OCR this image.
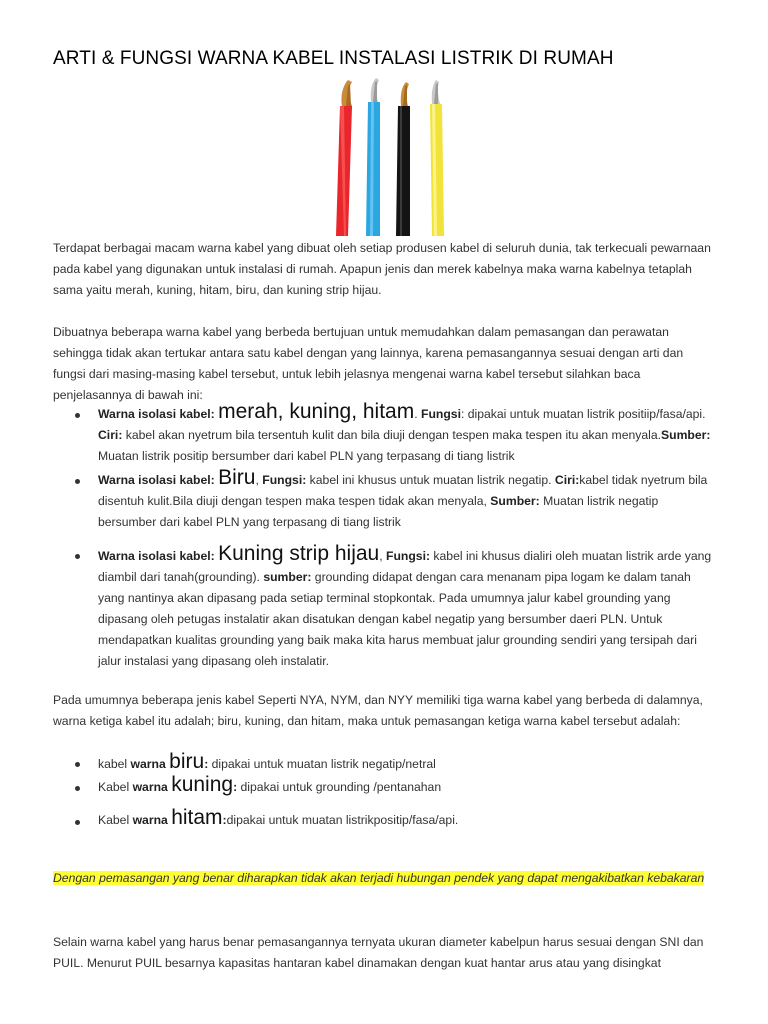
ARTI & FUNGSI WARNA KABEL INSTALASI LISTRIK DI RUMAH

Terdapat berbagai macam warna kabel yang dibuat oleh setiap produsen kabel di seluruh dunia, tak terkecuali pewarnaan pada kabel yang digunakan untuk instalasi di rumah. Apapun jenis dan merek kabelnya maka warna kabelnya tetaplah sama yaitu merah, kuning, hitam, biru, dan kuning strip hijau.

Dibuatnya beberapa warna kabel yang berbeda bertujuan untuk memudahkan dalam pemasangan dan perawatan sehingga tidak akan tertukar antara satu kabel dengan yang lainnya, karena pemasangannya sesuai dengan arti dan fungsi dari masing-masing kabel tersebut, untuk lebih jelasnya mengenai warna kabel tersebut silahkan baca penjelasannya di bawah ini:

Warna isolasi kabel: merah, kuning, hitam. Fungsi: dipakai untuk muatan listrik positiip/fasa/api. Ciri: kabel akan nyetrum bila tersentuh kulit dan bila diuji dengan tespen maka tespen itu akan menyala.Sumber: Muatan listrik positip bersumber dari kabel PLN yang terpasang di tiang listrik
Warna isolasi kabel: Biru, Fungsi: kabel ini khusus untuk muatan listrik negatip. Ciri:kabel tidak nyetrum bila disentuh kulit.Bila diuji dengan tespen maka tespen tidak akan menyala, Sumber: Muatan listrik negatip bersumber dari kabel PLN yang terpasang di tiang listrik
Warna isolasi kabel: Kuning strip hijau, Fungsi: kabel ini khusus dialiri oleh muatan listrik arde yang diambil dari tanah(grounding). sumber: grounding didapat dengan cara menanam pipa logam ke dalam tanah yang nantinya akan dipasang pada setiap terminal stopkontak. Pada umumnya jalur kabel grounding yang dipasang oleh petugas instalatir akan disatukan dengan kabel negatip yang bersumber daeri PLN. Untuk mendapatkan kualitas grounding yang baik maka kita harus membuat jalur grounding sendiri yang tersipah dari jalur instalasi yang dipasang oleh instalatir.

Pada umumnya beberapa jenis kabel Seperti NYA, NYM, dan NYY memiliki tiga warna kabel yang berbeda di dalamnya, warna ketiga kabel itu adalah; biru, kuning, dan hitam, maka untuk pemasangan ketiga warna kabel tersebut adalah:

kabel warna biru: dipakai untuk muatan listrik negatip/netral
Kabel warna kuning: dipakai untuk grounding /pentanahan
Kabel warna hitam:dipakai untuk muatan listrikpositip/fasa/api.

Dengan pemasangan yang benar diharapkan tidak akan terjadi hubungan pendek yang dapat mengakibatkan kebakaran

Selain warna kabel yang harus benar pemasangannya ternyata ukuran diameter kabelpun harus sesuai dengan SNI dan PUIL. Menurut PUIL besarnya kapasitas hantaran kabel dinamakan dengan kuat hantar arus atau yang disingkat
